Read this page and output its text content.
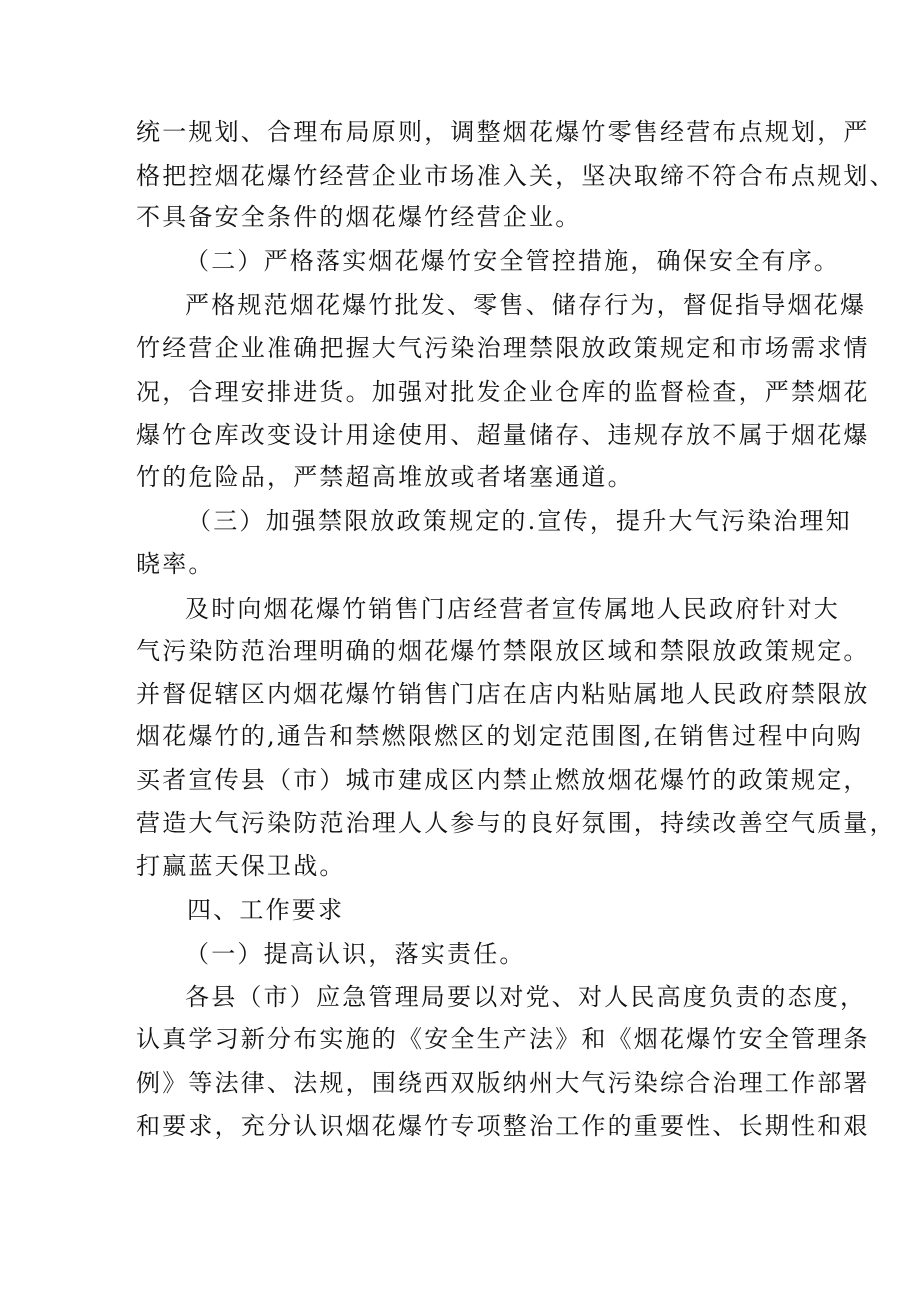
统一规划、合理布局原则，调整烟花爆竹零售经营布点规划，严
格把控烟花爆竹经营企业市场准入关，坚决取缔不符合布点规划、
不具备安全条件的烟花爆竹经营企业。
（二）严格落实烟花爆竹安全管控措施，确保安全有序。
严格规范烟花爆竹批发、零售、储存行为，督促指导烟花爆
竹经营企业准确把握大气污染治理禁限放政策规定和市场需求情
况，合理安排进货。加强对批发企业仓库的监督检查，严禁烟花
爆竹仓库改变设计用途使用、超量储存、违规存放不属于烟花爆
竹的危险品，严禁超高堆放或者堵塞通道。
（三）加强禁限放政策规定的.宣传，提升大气污染治理知
晓率。
及时向烟花爆竹销售门店经营者宣传属地人民政府针对大
气污染防范治理明确的烟花爆竹禁限放区域和禁限放政策规定。
并督促辖区内烟花爆竹销售门店在店内粘贴属地人民政府禁限放
烟花爆竹的,通告和禁燃限燃区的划定范围图,在销售过程中向购
买者宣传县（市）城市建成区内禁止燃放烟花爆竹的政策规定，
营造大气污染防范治理人人参与的良好氛围，持续改善空气质量，
打赢蓝天保卫战。
四、工作要求
（一）提高认识，落实责任。
各县（市）应急管理局要以对党、对人民高度负责的态度，
认真学习新分布实施的《安全生产法》和《烟花爆竹安全管理条
例》等法律、法规，围绕西双版纳州大气污染综合治理工作部署
和要求，充分认识烟花爆竹专项整治工作的重要性、长期性和艰
